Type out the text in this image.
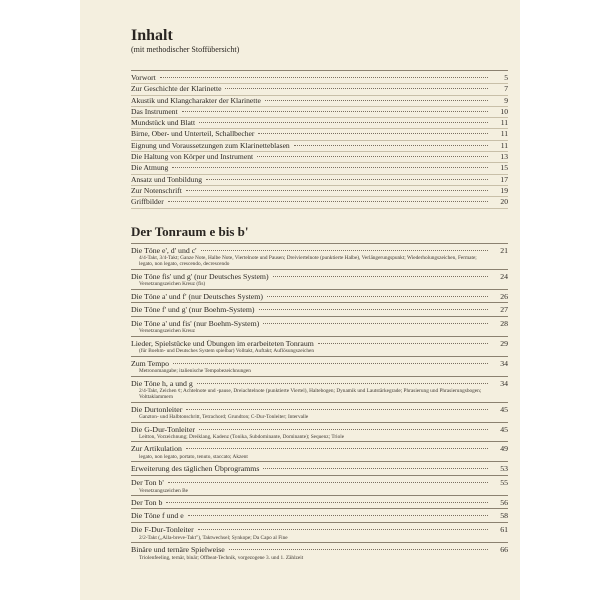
Inhalt

(mit methodischer Stoffübersicht)

Vorwort	5
Zur Geschichte der Klarinette	7
Akustik und Klangcharakter der Klarinette	9
Das Instrument	10
Mundstück und Blatt	11
Birne, Ober- und Unterteil, Schallbecher	11
Eignung und Voraussetzungen zum Klarinetteblasen	11
Die Haltung von Körper und Instrument	13
Die Atmung	15
Ansatz und Tonbildung	17
Zur Notenschrift	19
Griffbilder	20
Der Tonraum e bis b'
Die Töne e', d' und c'	21
4/4-Takt, 3/4-Takt; Ganze Note, Halbe Note, Viertelnote und Pausen; Dreiviertelnote (punktierte Halbe), Verlängerungspunkt; Wiederholungszeichen, Fermate; legato, non legato, crescendo, decrescendo
Die Töne fis' und g' (nur Deutsches System)	24
Versetzungszeichen Kreuz (fis)
Die Töne a' und f' (nur Deutsches System)	26
Die Töne f' und g' (nur Boehm-System)	27
Die Töne a' und fis' (nur Boehm-System)	28
Versetzungszeichen Kreuz
Lieder, Spielstücke und Übungen im erarbeiteten Tonraum	29
(für Boehm- und Deutsches System spielbar) Volltakt, Auftakt; Auflösungszeichen
Zum Tempo	34
Metronomangabe; italienische Tempobezeichnungen
Die Töne h, a und g	34
2/4-Takt, Zeichen ¢; Achtelnote und -pause, Dreiachtelnote (punktierte Viertel), Haltebogen; Dynamik und Lautstärkegrade; Phrasierung und Phrasierungsbogen; Volttaklammern
Die Durtonleiter	45
Ganzton- und Halbtonschritt, Tetrachord; Grundton; C-Dur-Tonleiter; Intervalle
Die G-Dur-Tonleiter	45
Leitton, Vorzeichnung; Dreiklang, Kadenz (Tonika, Subdominante, Dominante); Sequenz; Triole
Zur Artikulation	49
legato, non legato, portato, tenuto, staccato; Akzent
Erweiterung des täglichen Übprogramms	53
Der Ton b'	55
Versetzungszeichen Be
Der Ton b	56
Die Töne f und e	58
Die F-Dur-Tonleiter	61
2/2-Takt („Alla-breve-Takt"), Taktwechsel; Synkope; Da Capo al Fine
Binäre und ternäre Spielweise	66
Triolenfeeling, ternär, binär; Offbeat-Technik, vorgezogene 3. und 1. Zählzeit
